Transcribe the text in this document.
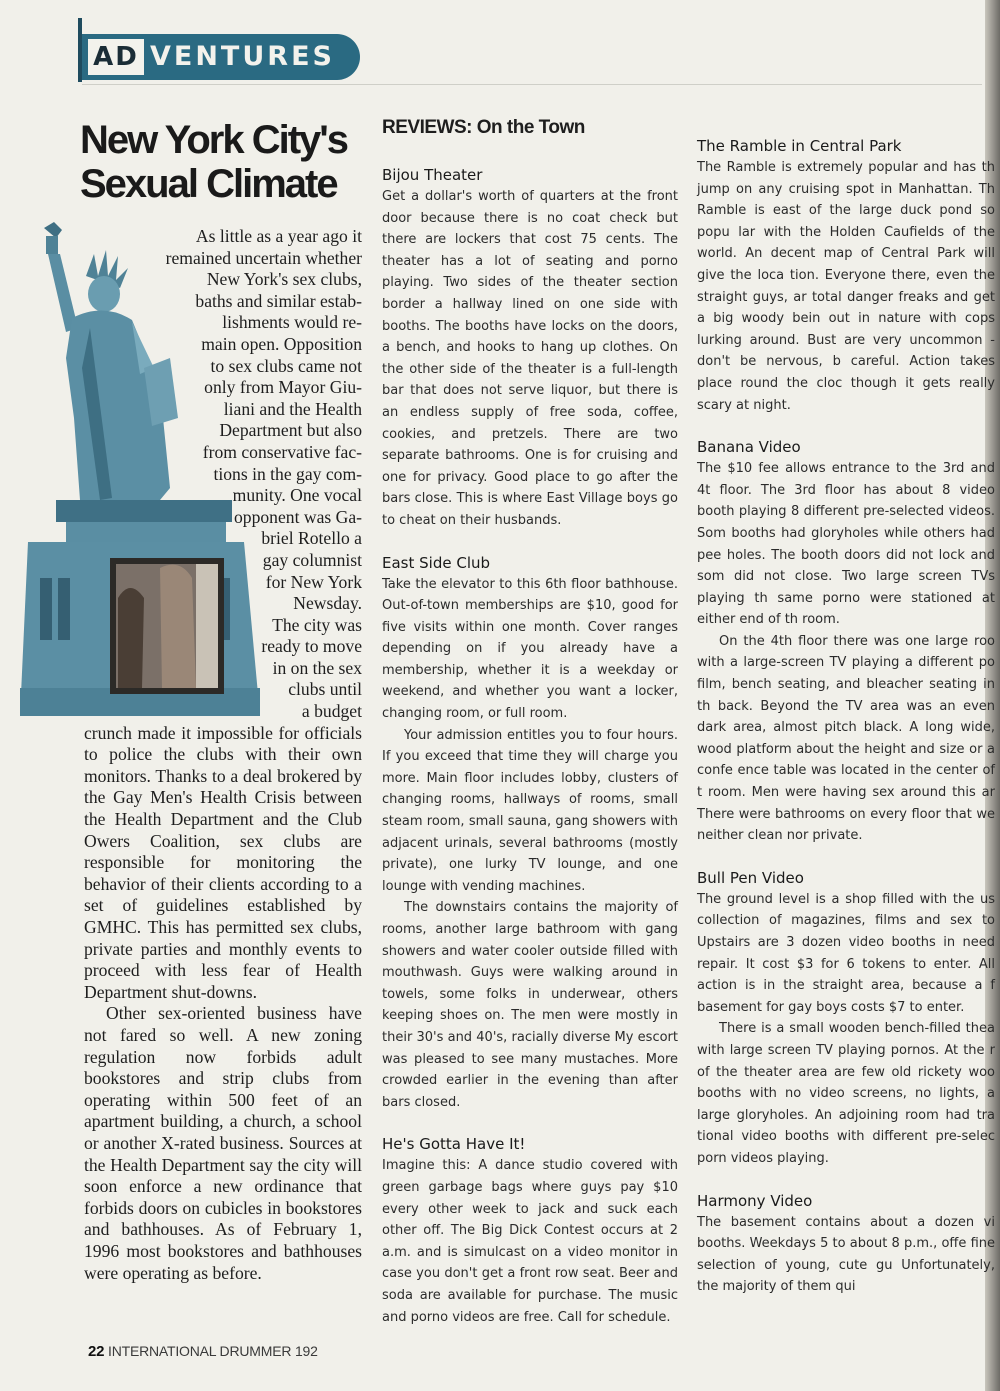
AD VENTURES
New York City's
Sexual Climate
As little as a year ago it
remained uncertain whether
New York's sex clubs,
baths and similar estab-
lishments would re-
main open. Opposition
to sex clubs came not
only from Mayor Giu-
liani and the Health
Department but also
from conservative fac-
tions in the gay com-
munity. One vocal
opponent was Ga-
briel Rotello a
gay columnist
for New York
Newsday.
The city was
ready to move
in on the sex
clubs until
a budget

crunch made it impossible for officials to police the clubs with their own monitors. Thanks to a deal brokered by the Gay Men's Health Crisis between the Health Department and the Club Owers Coalition, sex clubs are responsible for monitoring the behavior of their clients according to a set of guidelines established by GMHC. This has permitted sex clubs, private parties and monthly events to proceed with less fear of Health Department shut-downs.

Other sex-oriented business have not fared so well. A new zoning regulation now forbids adult bookstores and strip clubs from operating within 500 feet of an apartment building, a church, a school or another X-rated business. Sources at the Health Department say the city will soon enforce a new ordinance that forbids doors on cubicles in bookstores and bathhouses. As of February 1, 1996 most bookstores and bathhouses were operating as before.

REVIEWS: On the Town
Bijou Theater

Get a dollar's worth of quarters at the front door because there is no coat check but there are lockers that cost 75 cents. The theater has a lot of seating and porno playing. Two sides of the theater section border a hallway lined on one side with booths. The booths have locks on the doors, a bench, and hooks to hang up clothes. On the other side of the theater is a full-length bar that does not serve liquor, but there is an endless supply of free soda, coffee, cookies, and pretzels. There are two separate bathrooms. One is for cruising and one for privacy. Good place to go after the bars close. This is where East Village boys go to cheat on their husbands.

East Side Club

Take the elevator to this 6th floor bathhouse. Out-of-town memberships are $10, good for five visits within one month. Cover ranges depending on if you already have a membership, whether it is a weekday or weekend, and whether you want a locker, changing room, or full room.

Your admission entitles you to four hours. If you exceed that time they will charge you more. Main floor includes lobby, clusters of changing rooms, hallways of rooms, small steam room, small sauna, gang showers with adjacent urinals, several bathrooms (mostly private), one lurky TV lounge, and one lounge with vending machines.

The downstairs contains the majority of rooms, another large bathroom with gang showers and water cooler outside filled with mouthwash. Guys were walking around in towels, some folks in underwear, others keeping shoes on. The men were mostly in their 30's and 40's, racially diverse My escort was pleased to see many mustaches. More crowded earlier in the evening than after bars closed.

He's Gotta Have It!

Imagine this: A dance studio covered with green garbage bags where guys pay $10 every other week to jack and suck each other off. The Big Dick Contest occurs at 2 a.m. and is simulcast on a video monitor in case you don't get a front row seat. Beer and soda are available for purchase. The music and porno videos are free. Call for schedule.

The Ramble in Central Park

The Ramble is extremely popular and has th jump on any cruising spot in Manhattan. Th Ramble is east of the large duck pond so popu lar with the Holden Caufields of the world. An decent map of Central Park will give the loca tion. Everyone there, even the straight guys, ar total danger freaks and get a big woody bein out in nature with cops lurking around. Bust are very uncommon - don't be nervous, b careful. Action takes place round the cloc though it gets really scary at night.

Banana Video

The $10 fee allows entrance to the 3rd and 4t floor. The 3rd floor has about 8 video booth playing 8 different pre-selected videos. Som booths had gloryholes while others had pee holes. The booth doors did not lock and som did not close. Two large screen TVs playing th same porno were stationed at either end of th room.

On the 4th floor there was one large roo with a large-screen TV playing a different po film, bench seating, and bleacher seating in th back. Beyond the TV area was an even dark area, almost pitch black. A long wide, wood platform about the height and size or a confe ence table was located in the center of t room. Men were having sex around this ar There were bathrooms on every floor that we neither clean nor private.

Bull Pen Video

The ground level is a shop filled with the us collection of magazines, films and sex to Upstairs are 3 dozen video booths in need repair. It cost $3 for 6 tokens to enter. All action is in the straight area, because a f basement for gay boys costs $7 to enter.

There is a small wooden bench-filled thea with large screen TV playing pornos. At the r of the theater area are few old rickety woo booths with no video screens, no lights, a large gloryholes. An adjoining room had tra tional video booths with different pre-selec porn videos playing.

Harmony Video

The basement contains about a dozen vi booths. Weekdays 5 to about 8 p.m., offe fine selection of young, cute gu Unfortunately, the majority of them qui

22 INTERNATIONAL DRUMMER 192
